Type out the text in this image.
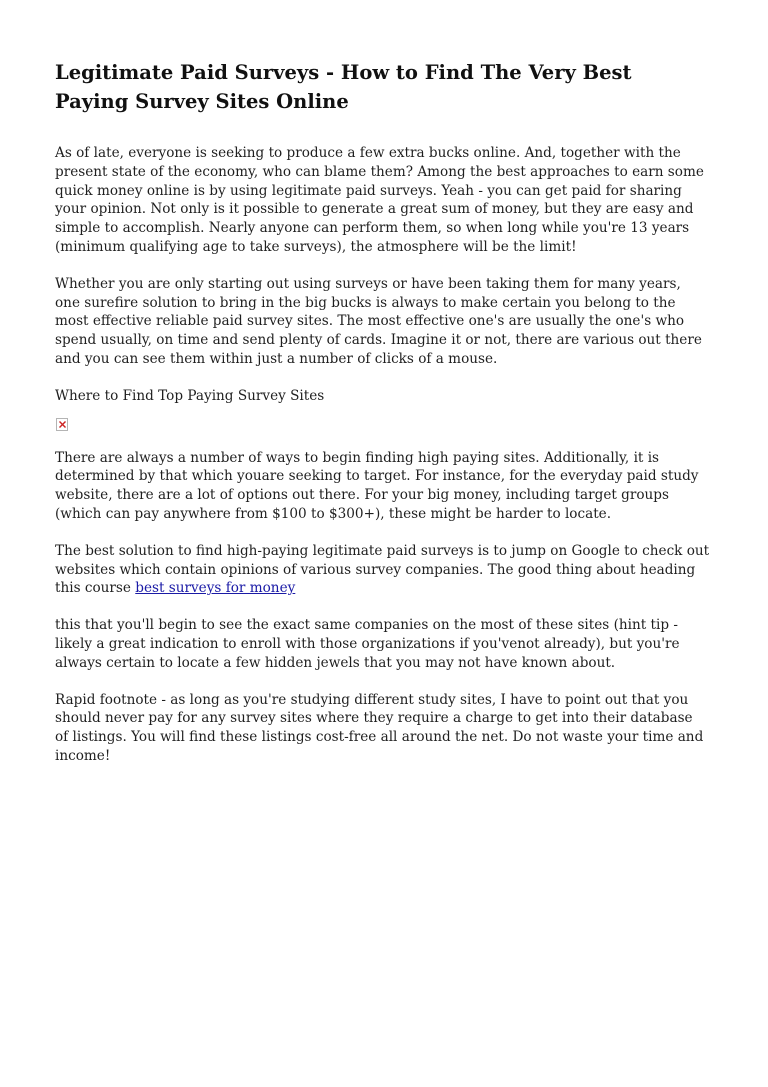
Legitimate Paid Surveys - How to Find The Very Best Paying Survey Sites Online

As of late, everyone is seeking to produce a few extra bucks online. And, together with the present state of the economy, who can blame them? Among the best approaches to earn some quick money online is by using legitimate paid surveys. Yeah - you can get paid for sharing your opinion. Not only is it possible to generate a great sum of money, but they are easy and simple to accomplish. Nearly anyone can perform them, so when long while you're 13 years (minimum qualifying age to take surveys), the atmosphere will be the limit!

Whether you are only starting out using surveys or have been taking them for many years, one surefire solution to bring in the big bucks is always to make certain you belong to the most effective reliable paid survey sites. The most effective one's are usually the one's who spend usually, on time and send plenty of cards. Imagine it or not, there are various out there and you can see them within just a number of clicks of a mouse.

Where to Find Top Paying Survey Sites

There are always a number of ways to begin finding high paying sites. Additionally, it is determined by that which youare seeking to target. For instance, for the everyday paid study website, there are a lot of options out there. For your big money, including target groups (which can pay anywhere from $100 to $300+), these might be harder to locate.

The best solution to find high-paying legitimate paid surveys is to jump on Google to check out websites which contain opinions of various survey companies. The good thing about heading this course best surveys for money

this that you'll begin to see the exact same companies on the most of these sites (hint tip - likely a great indication to enroll with those organizations if you'venot already), but you're always certain to locate a few hidden jewels that you may not have known about.

Rapid footnote - as long as you're studying different study sites, I have to point out that you should never pay for any survey sites where they require a charge to get into their database of listings. You will find these listings cost-free all around the net. Do not waste your time and income!
